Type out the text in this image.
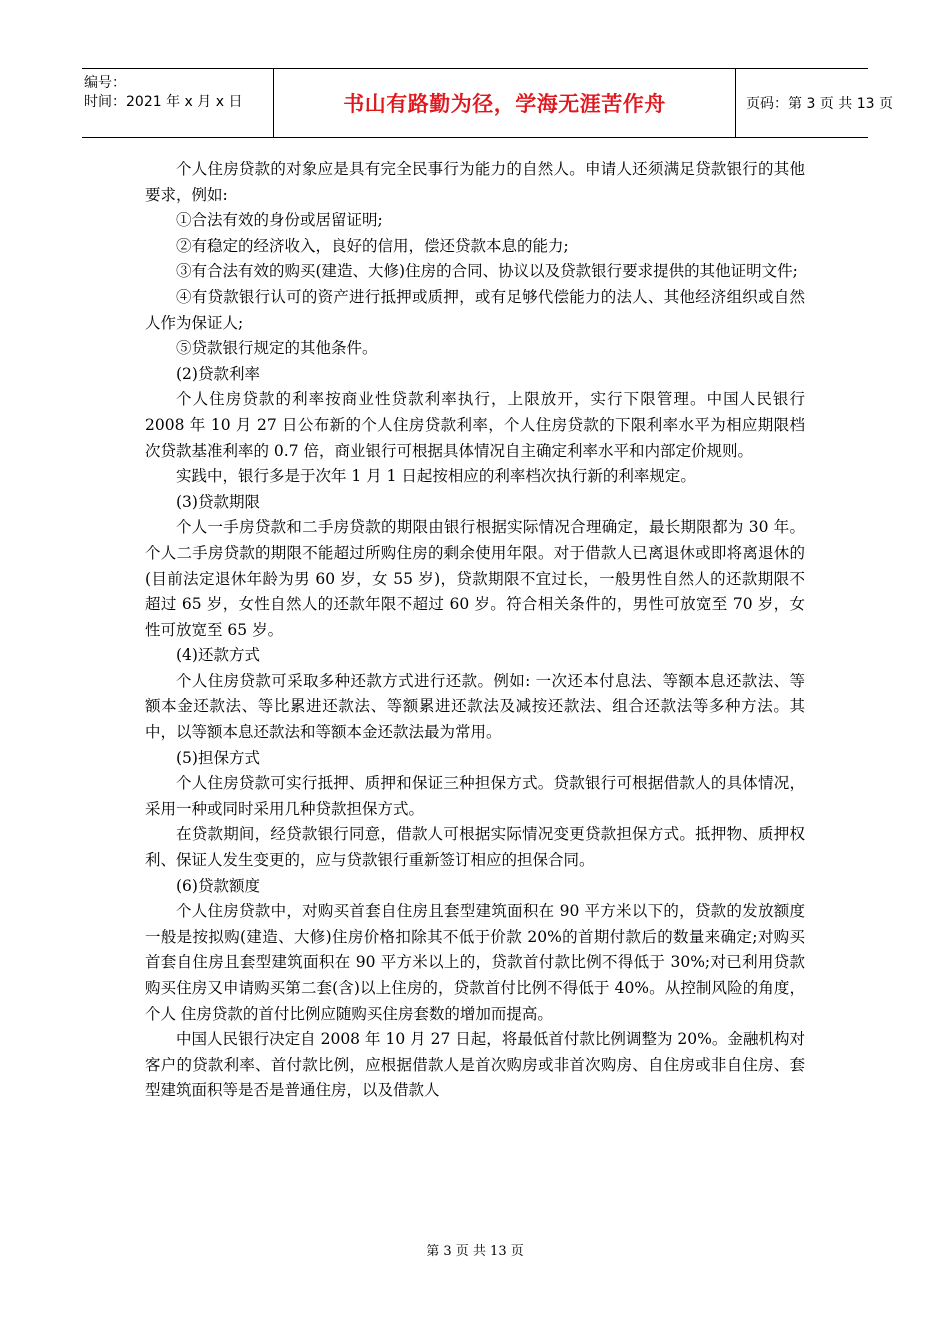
编号：
时间：2021 年 x 月 x 日	书山有路勤为径，学海无涯苦作舟	页码：第 3 页 共 13 页

个人住房贷款的对象应是具有完全民事行为能力的自然人。申请人还须满足贷款银行的其他要求，例如:

①合法有效的身份或居留证明;

②有稳定的经济收入，良好的信用，偿还贷款本息的能力;

③有合法有效的购买(建造、大修)住房的合同、协议以及贷款银行要求提供的其他证明文件;

④有贷款银行认可的资产进行抵押或质押，或有足够代偿能力的法人、其他经济组织或自然人作为保证人;

⑤贷款银行规定的其他条件。

(2)贷款利率

个人住房贷款的利率按商业性贷款利率执行，上限放开，实行下限管理。中国人民银行 2008 年 10 月 27 日公布新的个人住房贷款利率，个人住房贷款的下限利率水平为相应期限档次贷款基准利率的 0.7 倍，商业银行可根据具体情况自主确定利率水平和内部定价规则。

实践中，银行多是于次年 1 月 1 日起按相应的利率档次执行新的利率规定。

(3)贷款期限

个人一手房贷款和二手房贷款的期限由银行根据实际情况合理确定，最长期限都为 30 年。个人二手房贷款的期限不能超过所购住房的剩余使用年限。对于借款人已离退休或即将离退休的(目前法定退休年龄为男 60 岁，女 55 岁)，贷款期限不宜过长，一般男性自然人的还款期限不超过 65 岁，女性自然人的还款年限不超过 60 岁。符合相关条件的，男性可放宽至 70 岁，女性可放宽至 65 岁。

(4)还款方式

个人住房贷款可采取多种还款方式进行还款。例如: 一次还本付息法、等额本息还款法、等额本金还款法、等比累进还款法、等额累进还款法及减按还款法、组合还款法等多种方法。其中，以等额本息还款法和等额本金还款法最为常用。

(5)担保方式

个人住房贷款可实行抵押、质押和保证三种担保方式。贷款银行可根据借款人的具体情况，采用一种或同时采用几种贷款担保方式。

在贷款期间，经贷款银行同意，借款人可根据实际情况变更贷款担保方式。抵押物、质押权利、保证人发生变更的，应与贷款银行重新签订相应的担保合同。

(6)贷款额度

个人住房贷款中，对购买首套自住房且套型建筑面积在 90 平方米以下的，贷款的发放额度一般是按拟购(建造、大修)住房价格扣除其不低于价款 20%的首期付款后的数量来确定;对购买首套自住房且套型建筑面积在 90 平方米以上的，贷款首付款比例不得低于 30%;对已利用贷款购买住房又申请购买第二套(含)以上住房的，贷款首付比例不得低于 40%。从控制风险的角度，个人 住房贷款的首付比例应随购买住房套数的增加而提高。

中国人民银行决定自 2008 年 10 月 27 日起，将最低首付款比例调整为 20%。金融机构对客户的贷款利率、首付款比例，应根据借款人是首次购房或非首次购房、自住房或非自住房、套型建筑面积等是否是普通住房，以及借款人

第 3 页 共 13 页
